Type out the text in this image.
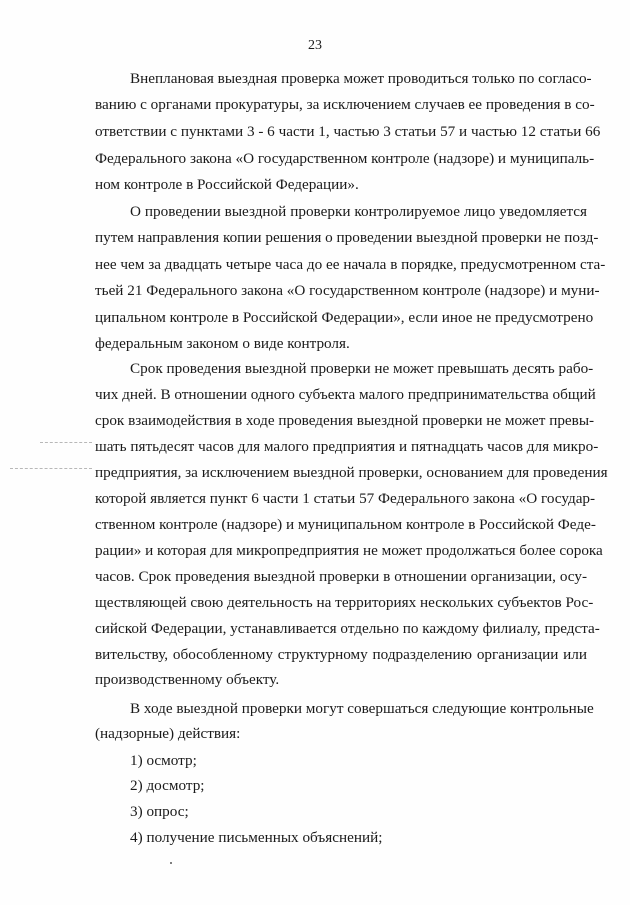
23
Внеплановая выездная проверка может проводиться только по согласо-
ванию с органами прокуратуры, за исключением случаев ее проведения в со-
ответствии с пунктами 3 - 6 части 1, частью 3 статьи 57 и частью 12 статьи 66
Федерального закона «О государственном контроле (надзоре) и муниципаль-
ном контроле в Российской Федерации».
О проведении выездной проверки контролируемое лицо уведомляется
путем направления копии решения о проведении выездной проверки не позд-
нее чем за двадцать четыре часа до ее начала в порядке, предусмотренном ста-
тьей 21 Федерального закона «О государственном контроле (надзоре) и муни-
ципальном контроле в Российской Федерации», если иное не предусмотрено
федеральным законом о виде контроля.
Срок проведения выездной проверки не может превышать десять рабо-
чих дней. В отношении одного субъекта малого предпринимательства общий
срок взаимодействия в ходе проведения выездной проверки не может превы-
шать пятьдесят часов для малого предприятия и пятнадцать часов для микро-
предприятия, за исключением выездной проверки, основанием для проведения
которой является пункт 6 части 1 статьи 57 Федерального закона «О государ-
ственном контроле (надзоре) и муниципальном контроле в Российской Феде-
рации» и которая для микропредприятия не может продолжаться более сорока
часов. Срок проведения выездной проверки в отношении организации, осу-
ществляющей свою деятельность на территориях нескольких субъектов Рос-
сийской Федерации, устанавливается отдельно по каждому филиалу, предста-
вительству, обособленному структурному подразделению организации или
производственному объекту.
В ходе выездной проверки могут совершаться следующие контрольные
(надзорные) действия:
1) осмотр;
2) досмотр;
3) опрос;
4) получение письменных объяснений;
